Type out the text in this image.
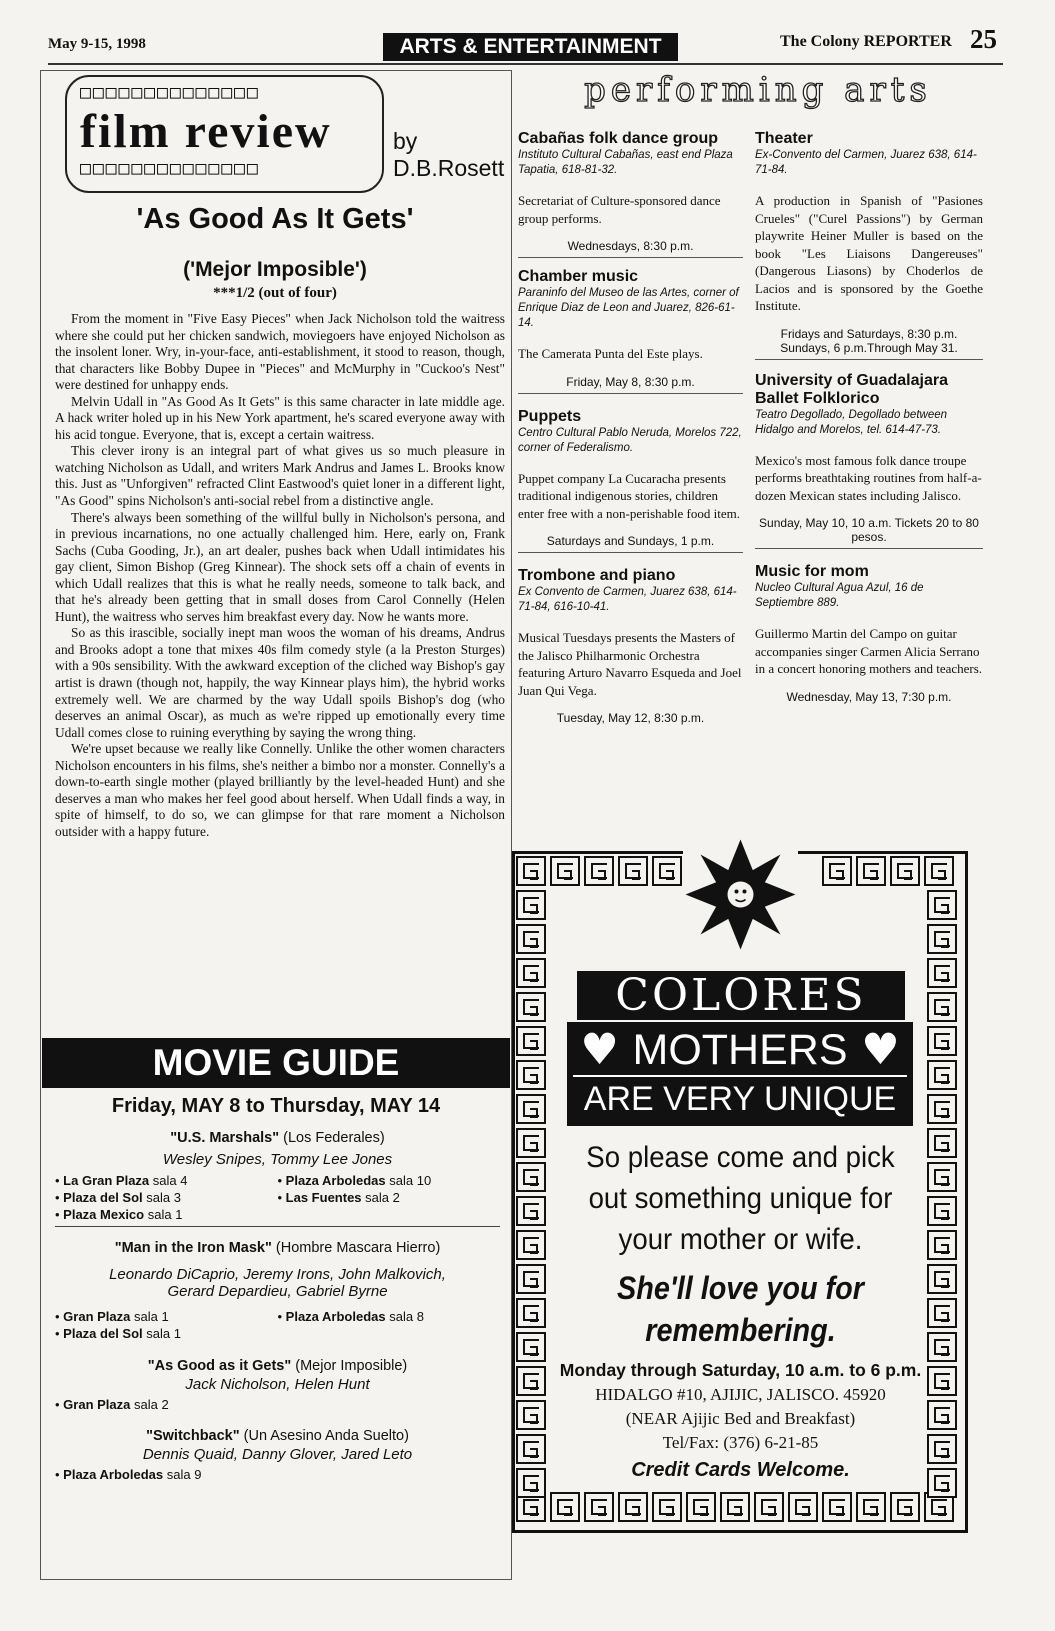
May 9-15, 1998	ARTS & ENTERTAINMENT	The Colony REPORTER 25
□□□□□□□□□□□□□□
film review
□□□□□□□□□□□□□□
by
D.B.Rosett
'As Good As It Gets'
('Mejor Imposible')
***1/2 (out of four)

From the moment in "Five Easy Pieces" when Jack Nicholson told the waitress where she could put her chicken sandwich, moviegoers have enjoyed Nicholson as the insolent loner. Wry, in-your-face, anti-establishment, it stood to reason, though, that characters like Bobby Dupee in "Pieces" and McMurphy in "Cuckoo's Nest" were destined for unhappy ends.

Melvin Udall in "As Good As It Gets" is this same character in late middle age. A hack writer holed up in his New York apartment, he's scared everyone away with his acid tongue. Everyone, that is, except a certain waitress.

This clever irony is an integral part of what gives us so much pleasure in watching Nicholson as Udall, and writers Mark Andrus and James L. Brooks know this. Just as "Unforgiven" refracted Clint Eastwood's quiet loner in a different light, "As Good" spins Nicholson's anti-social rebel from a distinctive angle.

There's always been something of the willful bully in Nicholson's persona, and in previous incarnations, no one actually challenged him. Here, early on, Frank Sachs (Cuba Gooding, Jr.), an art dealer, pushes back when Udall intimidates his gay client, Simon Bishop (Greg Kinnear). The shock sets off a chain of events in which Udall realizes that this is what he really needs, someone to talk back, and that he's already been getting that in small doses from Carol Connelly (Helen Hunt), the waitress who serves him breakfast every day. Now he wants more.

So as this irascible, socially inept man woos the woman of his dreams, Andrus and Brooks adopt a tone that mixes 40s film comedy style (a la Preston Sturges) with a 90s sensibility. With the awkward exception of the cliched way Bishop's gay artist is drawn (though not, happily, the way Kinnear plays him), the hybrid works extremely well. We are charmed by the way Udall spoils Bishop's dog (who deserves an animal Oscar), as much as we're ripped up emotionally every time Udall comes close to ruining everything by saying the wrong thing.

We're upset because we really like Connelly. Unlike the other women characters Nicholson encounters in his films, she's neither a bimbo nor a monster. Connelly's a down-to-earth single mother (played brilliantly by the level-headed Hunt) and she deserves a man who makes her feel good about herself. When Udall finds a way, in spite of himself, to do so, we can glimpse for that rare moment a Nicholson outsider with a happy future.

MOVIE GUIDE
Friday, MAY 8 to Thursday, MAY 14
"U.S. Marshals" (Los Federales)
Wesley Snipes, Tommy Lee Jones
• La Gran Plaza sala 4	• Plaza Arboledas sala 10
• Plaza del Sol sala 3	• Las Fuentes sala 2
• Plaza Mexico sala 1
"Man in the Iron Mask" (Hombre Mascara Hierro)
Leonardo DiCaprio, Jeremy Irons, John Malkovich, Gerard Depardieu, Gabriel Byrne
• Gran Plaza sala 1	• Plaza Arboledas sala 8
• Plaza del Sol sala 1
"As Good as it Gets" (Mejor Imposible)
Jack Nicholson, Helen Hunt
• Gran Plaza sala 2
"Switchback" (Un Asesino Anda Suelto)
Dennis Quaid, Danny Glover, Jared Leto
• Plaza Arboledas sala 9
performing arts
Cabañas folk dance group
Instituto Cultural Cabañas, east end Plaza Tapatia, 618-81-32.
Secretariat of Culture-sponsored dance group performs.
Wednesdays, 8:30 p.m.
Chamber music
Paraninfo del Museo de las Artes, corner of Enrique Diaz de Leon and Juarez, 826-61-14.
The Camerata Punta del Este plays.
Friday, May 8, 8:30 p.m.
Puppets
Centro Cultural Pablo Neruda, Morelos 722, corner of Federalismo.
Puppet company La Cucaracha presents traditional indigenous stories, children enter free with a non-perishable food item.
Saturdays and Sundays, 1 p.m.
Trombone and piano
Ex Convento de Carmen, Juarez 638, 614-71-84, 616-10-41.
Musical Tuesdays presents the Masters of the Jalisco Philharmonic Orchestra featuring Arturo Navarro Esqueda and Joel Juan Qui Vega.
Tuesday, May 12, 8:30 p.m.
Theater
Ex-Convento del Carmen, Juarez 638, 614-71-84.
A production in Spanish of "Pasiones Crueles" ("Curel Passions") by German playwrite Heiner Muller is based on the book "Les Liaisons Dangereuses" (Dangerous Liasons) by Choderlos de Lacios and is sponsored by the Goethe Institute.
Fridays and Saturdays, 8:30 p.m. Sundays, 6 p.m.Through May 31.
University of Guadalajara Ballet Folklorico
Teatro Degollado, Degollado between Hidalgo and Morelos, tel. 614-47-73.
Mexico's most famous folk dance troupe performs breathtaking routines from half-a-dozen Mexican states including Jalisco.
Sunday, May 10, 10 a.m. Tickets 20 to 80 pesos.
Music for mom
Nucleo Cultural Agua Azul, 16 de Septiembre 889.
Guillermo Martin del Campo on guitar accompanies singer Carmen Alicia Serrano in a concert honoring mothers and teachers.
Wednesday, May 13, 7:30 p.m.
COLORES
♥ MOTHERS ♥
ARE VERY UNIQUE
So please come and pick out something unique for your mother or wife.
She'll love you for remembering.
Monday through Saturday, 10 a.m. to 6 p.m.
HIDALGO #10, AJIJIC, JALISCO. 45920
(NEAR Ajijic Bed and Breakfast)
Tel/Fax: (376) 6-21-85
Credit Cards Welcome.
